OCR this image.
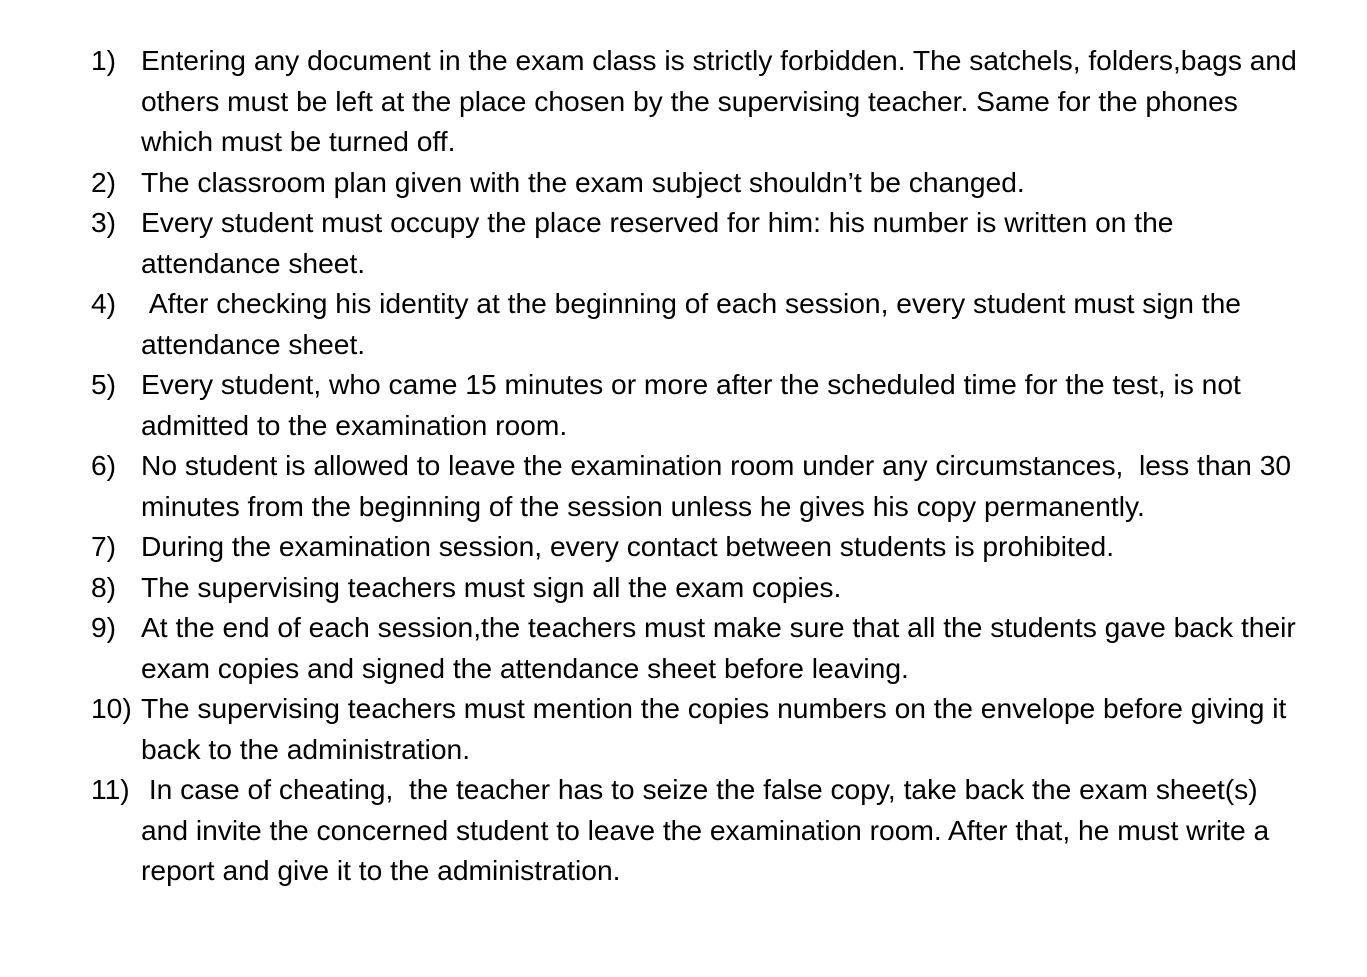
1) Entering any document in the exam class is strictly forbidden. The satchels, folders,bags and others must be left at the place chosen by the supervising teacher. Same for the phones which must be turned off.
2) The classroom plan given with the exam subject shouldn’t be changed.
3) Every student must occupy the place reserved for him: his number is written on the attendance sheet.
4) After checking his identity at the beginning of each session, every student must sign the attendance sheet.
5) Every student, who came 15 minutes or more after the scheduled time for the test, is not admitted to the examination room.
6) No student is allowed to leave the examination room under any circumstances,  less than 30 minutes from the beginning of the session unless he gives his copy permanently.
7) During the examination session, every contact between students is prohibited.
8) The supervising teachers must sign all the exam copies.
9) At the end of each session,the teachers must make sure that all the students gave back their exam copies and signed the attendance sheet before leaving.
10) The supervising teachers must mention the copies numbers on the envelope before giving it back to the administration.
11) In case of cheating,  the teacher has to seize the false copy, take back the exam sheet(s) and invite the concerned student to leave the examination room. After that, he must write a report and give it to the administration.
